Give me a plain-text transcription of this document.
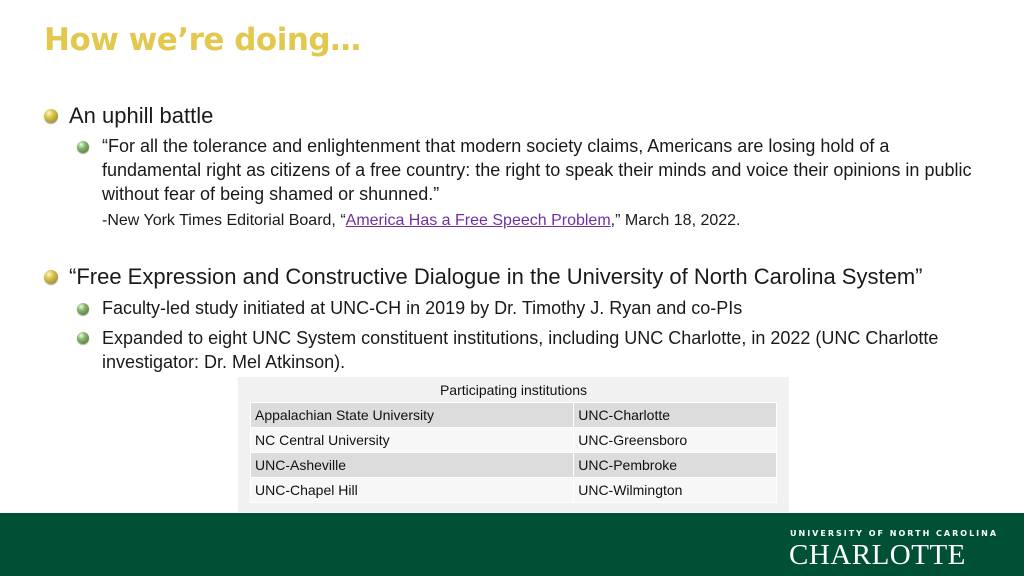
How we’re doing…
An uphill battle
“For all the tolerance and enlightenment that modern society claims, Americans are losing hold of a fundamental right as citizens of a free country: the right to speak their minds and voice their opinions in public without fear of being shamed or shunned.”
-New York Times Editorial Board, “America Has a Free Speech Problem,” March 18, 2022.
“Free Expression and Constructive Dialogue in the University of North Carolina System”
Faculty-led study initiated at UNC-CH in 2019 by Dr. Timothy J. Ryan and co-PIs
Expanded to eight UNC System constituent institutions, including UNC Charlotte, in 2022 (UNC Charlotte investigator: Dr. Mel Atkinson).
Participating institutions
Appalachian State University	UNC-Charlotte
NC Central University	UNC-Greensboro
UNC-Asheville	UNC-Pembroke
UNC-Chapel Hill	UNC-Wilmington
UNIVERSITY OF NORTH CAROLINA
CHARLOTTE
